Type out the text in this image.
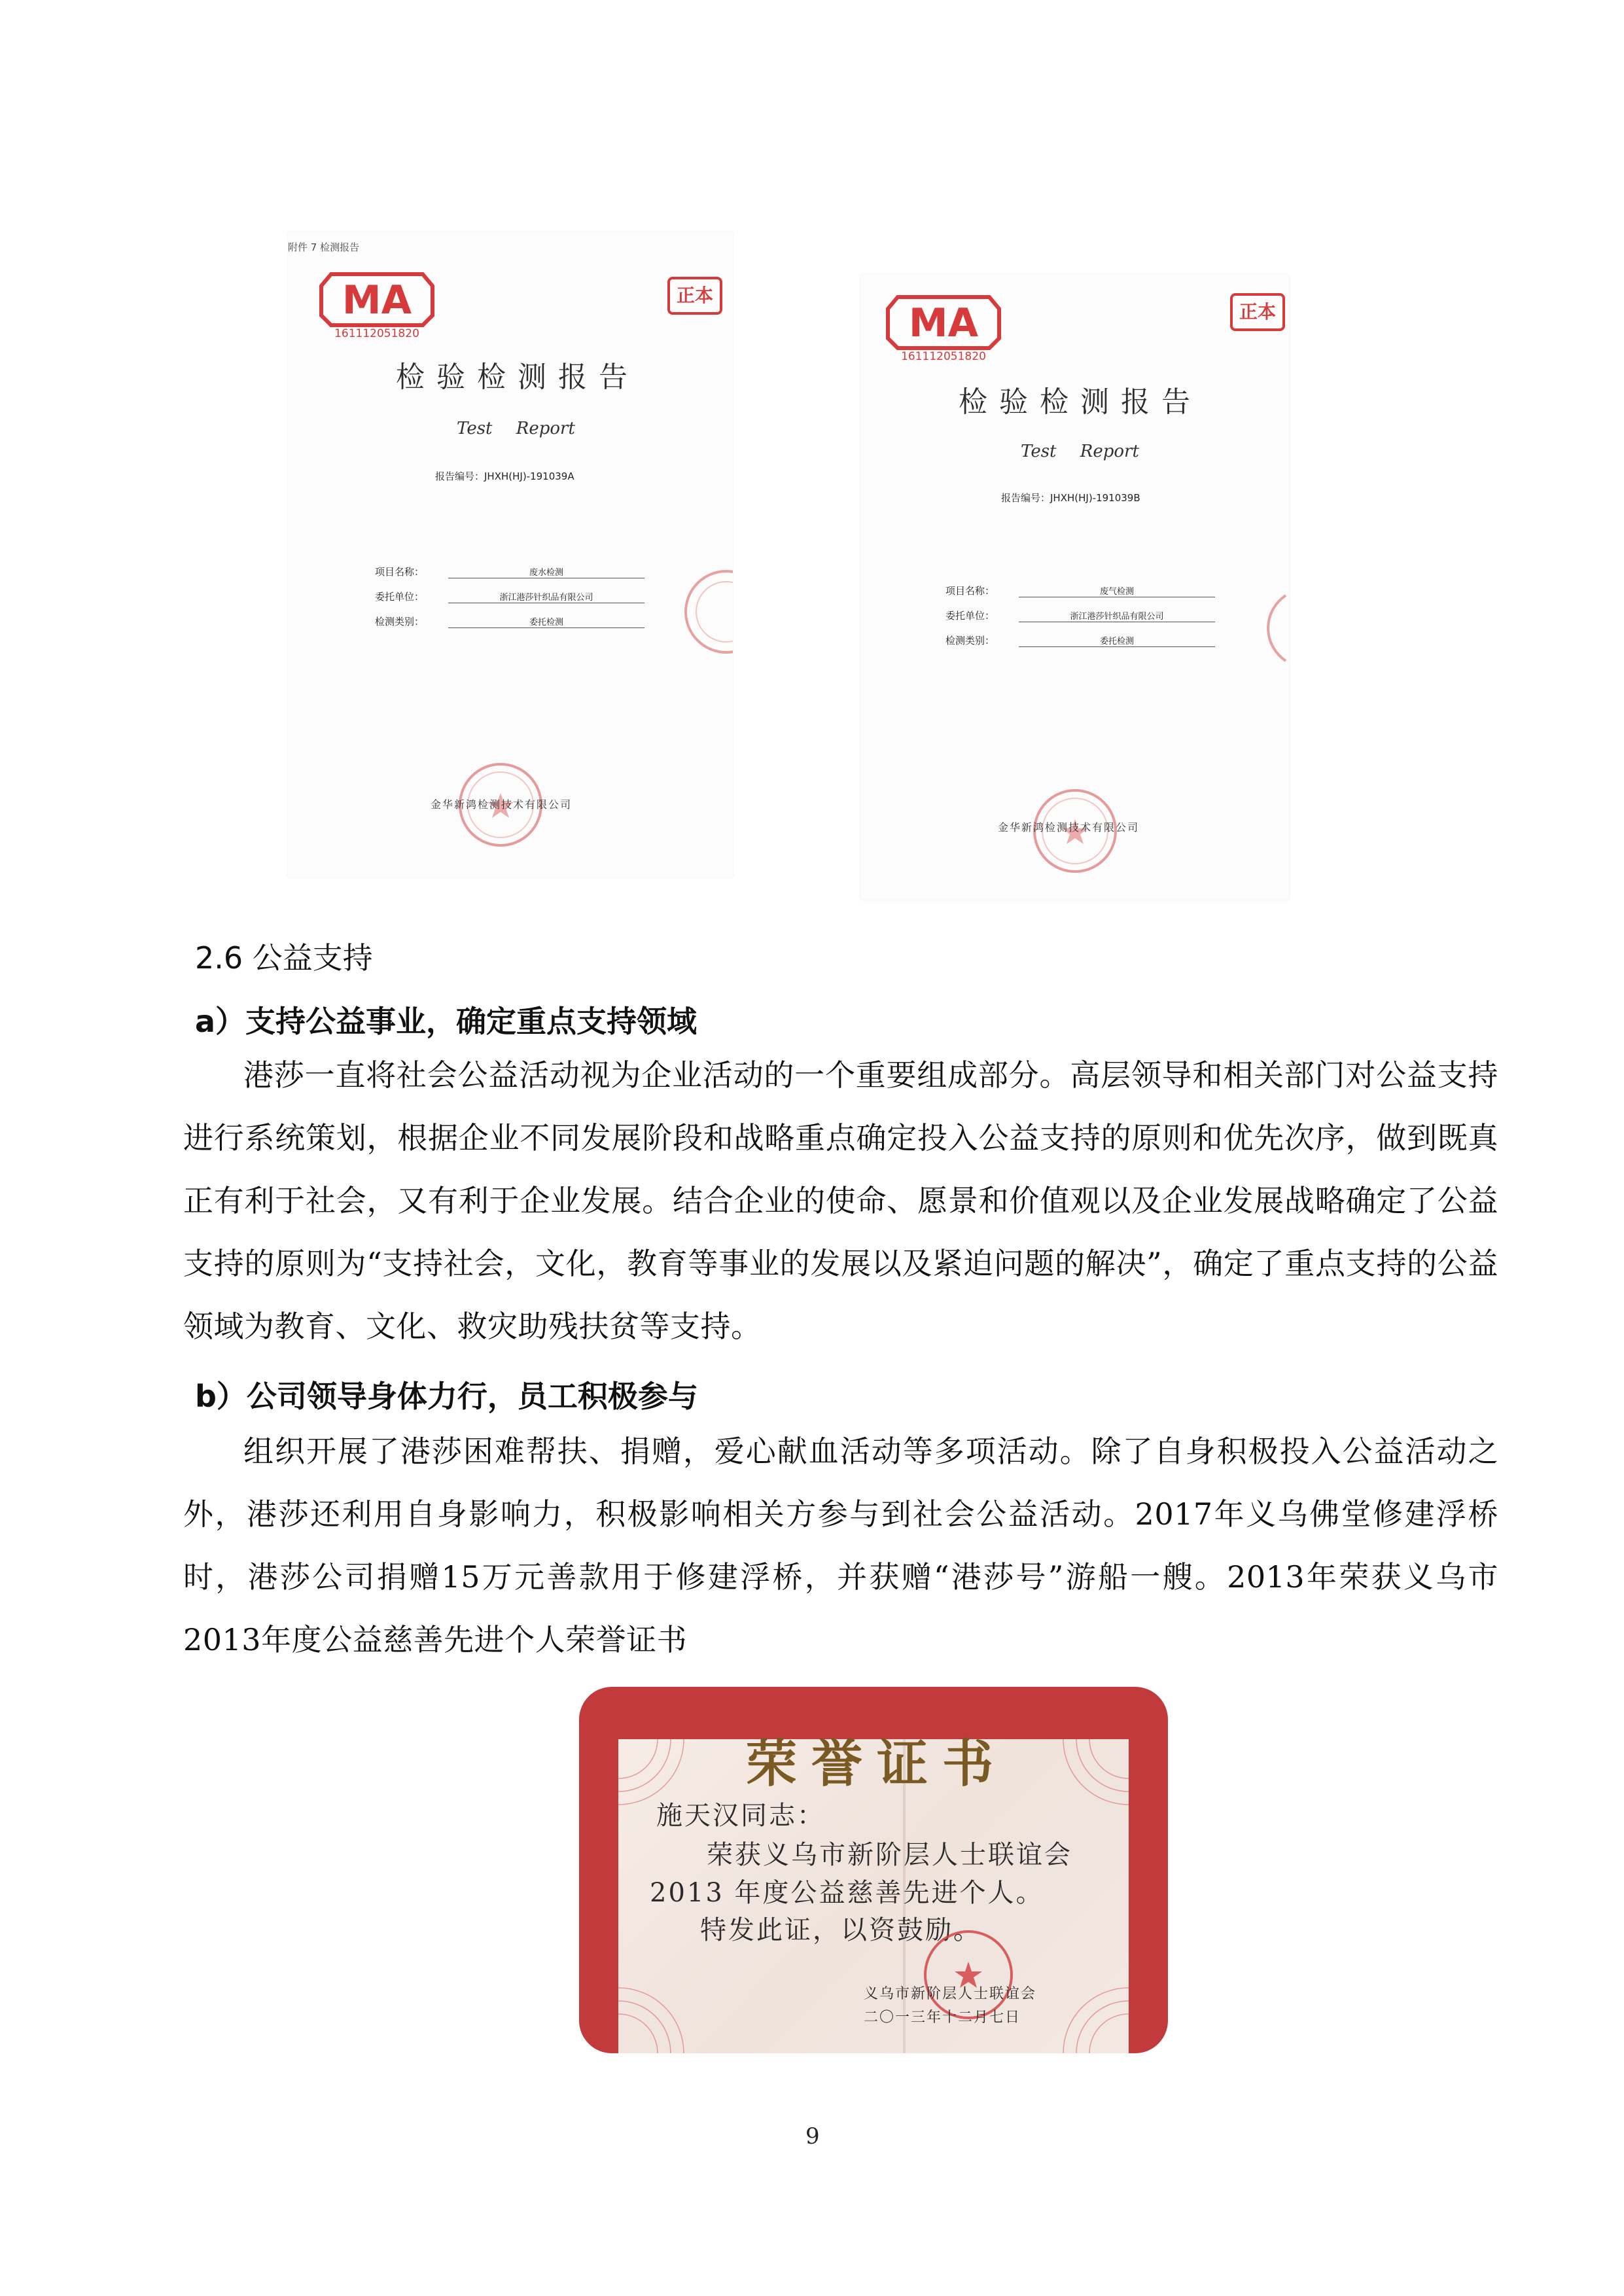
附件 7 检测报告
MA
161112051820
正本
检验检测报告
Test Report
报告编号：JHXH(HJ)-191039A
项目名称：	废水检测
委托单位：	浙江港莎针织品有限公司
检测类别：	委托检测
金华新鸿检测技术有限公司
MA
161112051820
正本
检验检测报告
Test Report
报告编号：JHXH(HJ)-191039B
项目名称：	废气检测
委托单位：	浙江港莎针织品有限公司
检测类别：	委托检测
金华新鸿检测技术有限公司
2.6 公益支持
a）支持公益事业，确定重点支持领域
港莎一直将社会公益活动视为企业活动的一个重要组成部分。高层领导和相关部门对公益支持进行系统策划，根据企业不同发展阶段和战略重点确定投入公益支持的原则和优先次序，做到既真正有利于社会，又有利于企业发展。结合企业的使命、愿景和价值观以及企业发展战略确定了公益支持的原则为“支持社会，文化，教育等事业的发展以及紧迫问题的解决”，确定了重点支持的公益领域为教育、文化、救灾助残扶贫等支持。
b）公司领导身体力行，员工积极参与
组织开展了港莎困难帮扶、捐赠，爱心献血活动等多项活动。除了自身积极投入公益活动之外，港莎还利用自身影响力，积极影响相关方参与到社会公益活动。2017年义乌佛堂修建浮桥时，港莎公司捐赠15万元善款用于修建浮桥，并获赠“港莎号”游船一艘。2013年荣获义乌市2013年度公益慈善先进个人荣誉证书
荣誉证书
施天汉同志：
荣获义乌市新阶层人士联谊会
2013 年度公益慈善先进个人。
特发此证，以资鼓励。
义乌市新阶层人士联谊会
二〇一三年十二月七日
9
